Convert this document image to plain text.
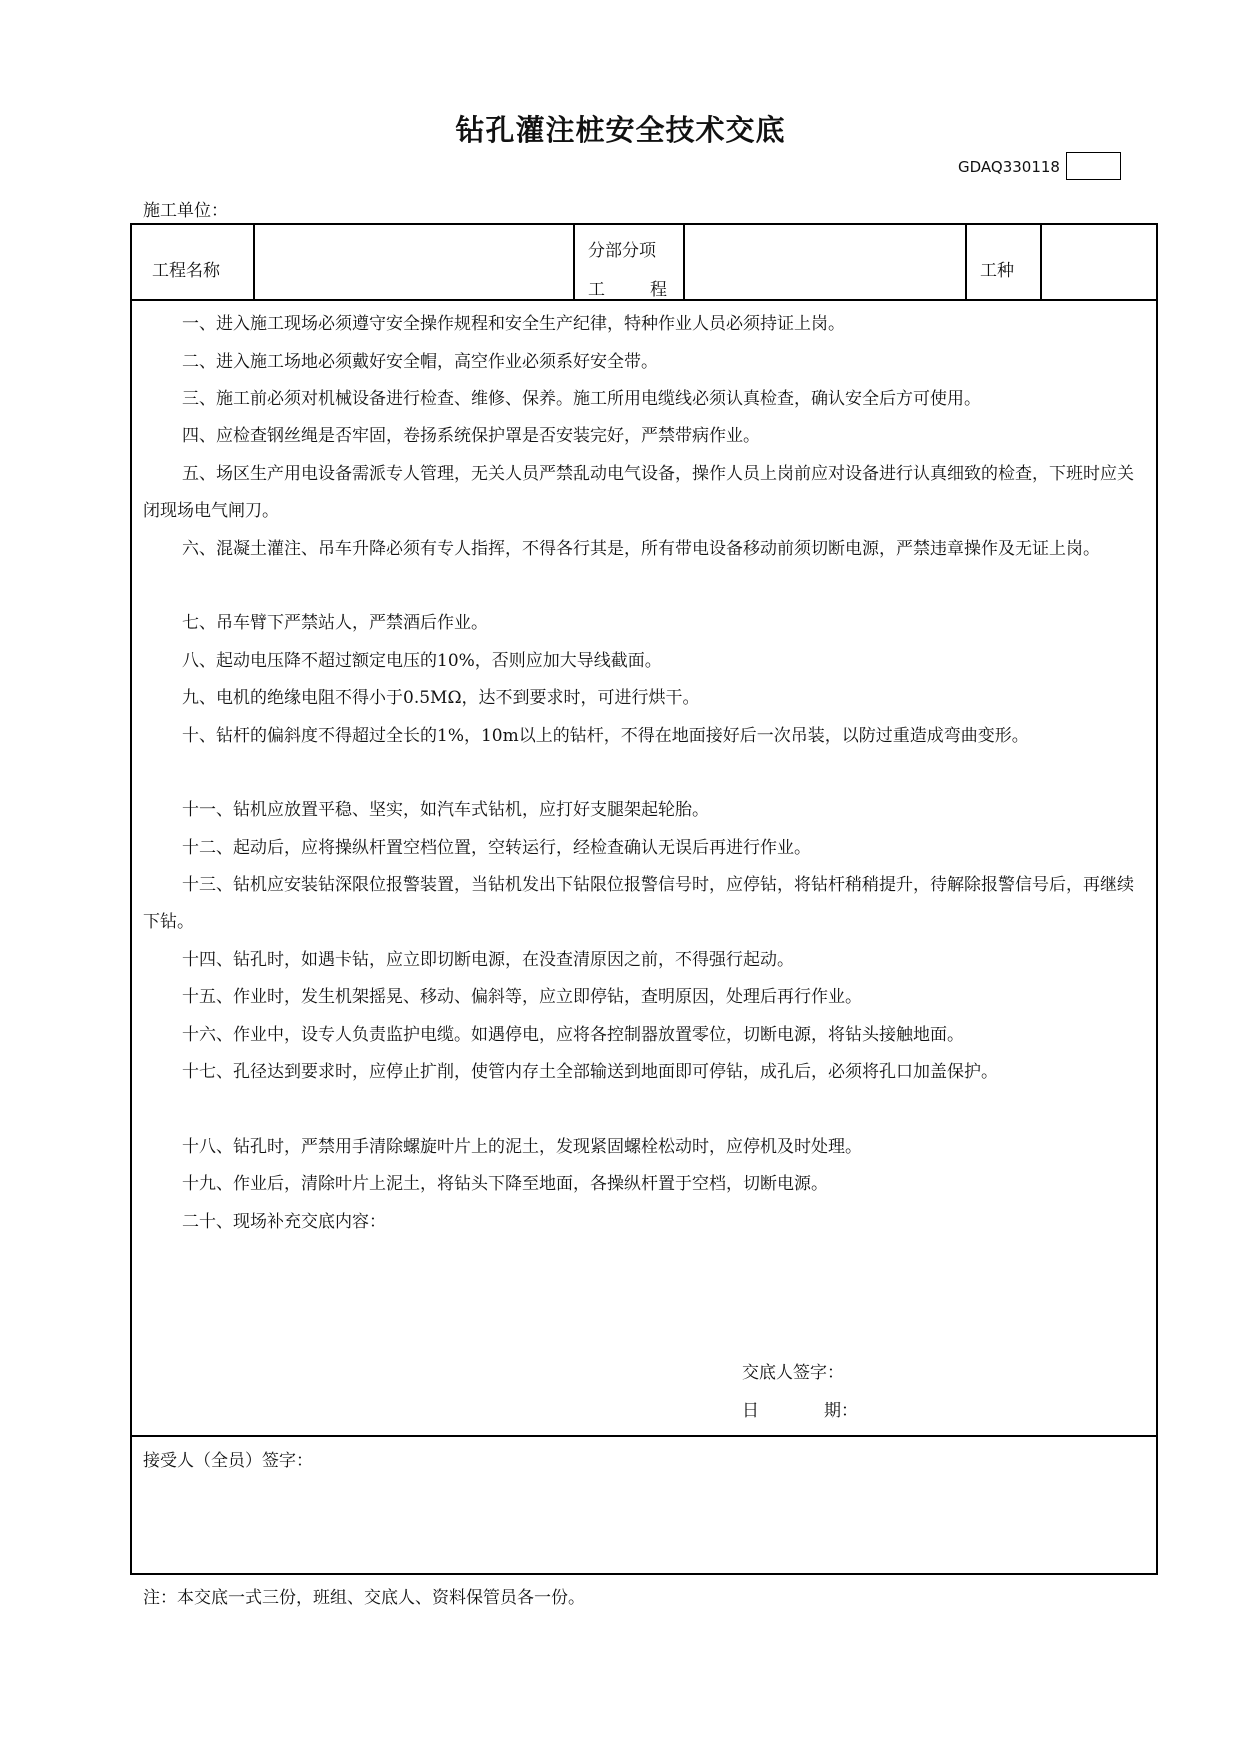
钻孔灌注桩安全技术交底
GDAQ330118
施工单位：
工程名称
分部分项
工	程
工种

一、进入施工现场必须遵守安全操作规程和安全生产纪律，特种作业人员必须持证上岗。

二、进入施工场地必须戴好安全帽，高空作业必须系好安全带。

三、施工前必须对机械设备进行检查、维修、保养。施工所用电缆线必须认真检查，确认安全后方可使用。

四、应检查钢丝绳是否牢固，卷扬系统保护罩是否安装完好，严禁带病作业。

五、场区生产用电设备需派专人管理，无关人员严禁乱动电气设备，操作人员上岗前应对设备进行认真细致的检查，下班时应关闭现场电气闸刀。

六、混凝土灌注、吊车升降必须有专人指挥，不得各行其是，所有带电设备移动前须切断电源，严禁违章操作及无证上岗。

七、吊车臂下严禁站人，严禁酒后作业。

八、起动电压降不超过额定电压的10%，否则应加大导线截面。

九、电机的绝缘电阻不得小于0.5MΩ，达不到要求时，可进行烘干。

十、钻杆的偏斜度不得超过全长的1%，10m以上的钻杆，不得在地面接好后一次吊装，以防过重造成弯曲变形。

十一、钻机应放置平稳、坚实，如汽车式钻机，应打好支腿架起轮胎。

十二、起动后，应将操纵杆置空档位置，空转运行，经检查确认无误后再进行作业。

十三、钻机应安装钻深限位报警装置，当钻机发出下钻限位报警信号时，应停钻，将钻杆稍稍提升，待解除报警信号后，再继续下钻。

十四、钻孔时，如遇卡钻，应立即切断电源，在没查清原因之前，不得强行起动。

十五、作业时，发生机架摇晃、移动、偏斜等，应立即停钻，查明原因，处理后再行作业。

十六、作业中，设专人负责监护电缆。如遇停电，应将各控制器放置零位，切断电源，将钻头接触地面。

十七、孔径达到要求时，应停止扩削，使管内存土全部输送到地面即可停钻，成孔后，必须将孔口加盖保护。

十八、钻孔时，严禁用手清除螺旋叶片上的泥土，发现紧固螺栓松动时，应停机及时处理。

十九、作业后，清除叶片上泥土，将钻头下降至地面，各操纵杆置于空档，切断电源。

二十、现场补充交底内容：

交底人签字：
日	期：
接受人（全员）签字：
注：本交底一式三份，班组、交底人、资料保管员各一份。
